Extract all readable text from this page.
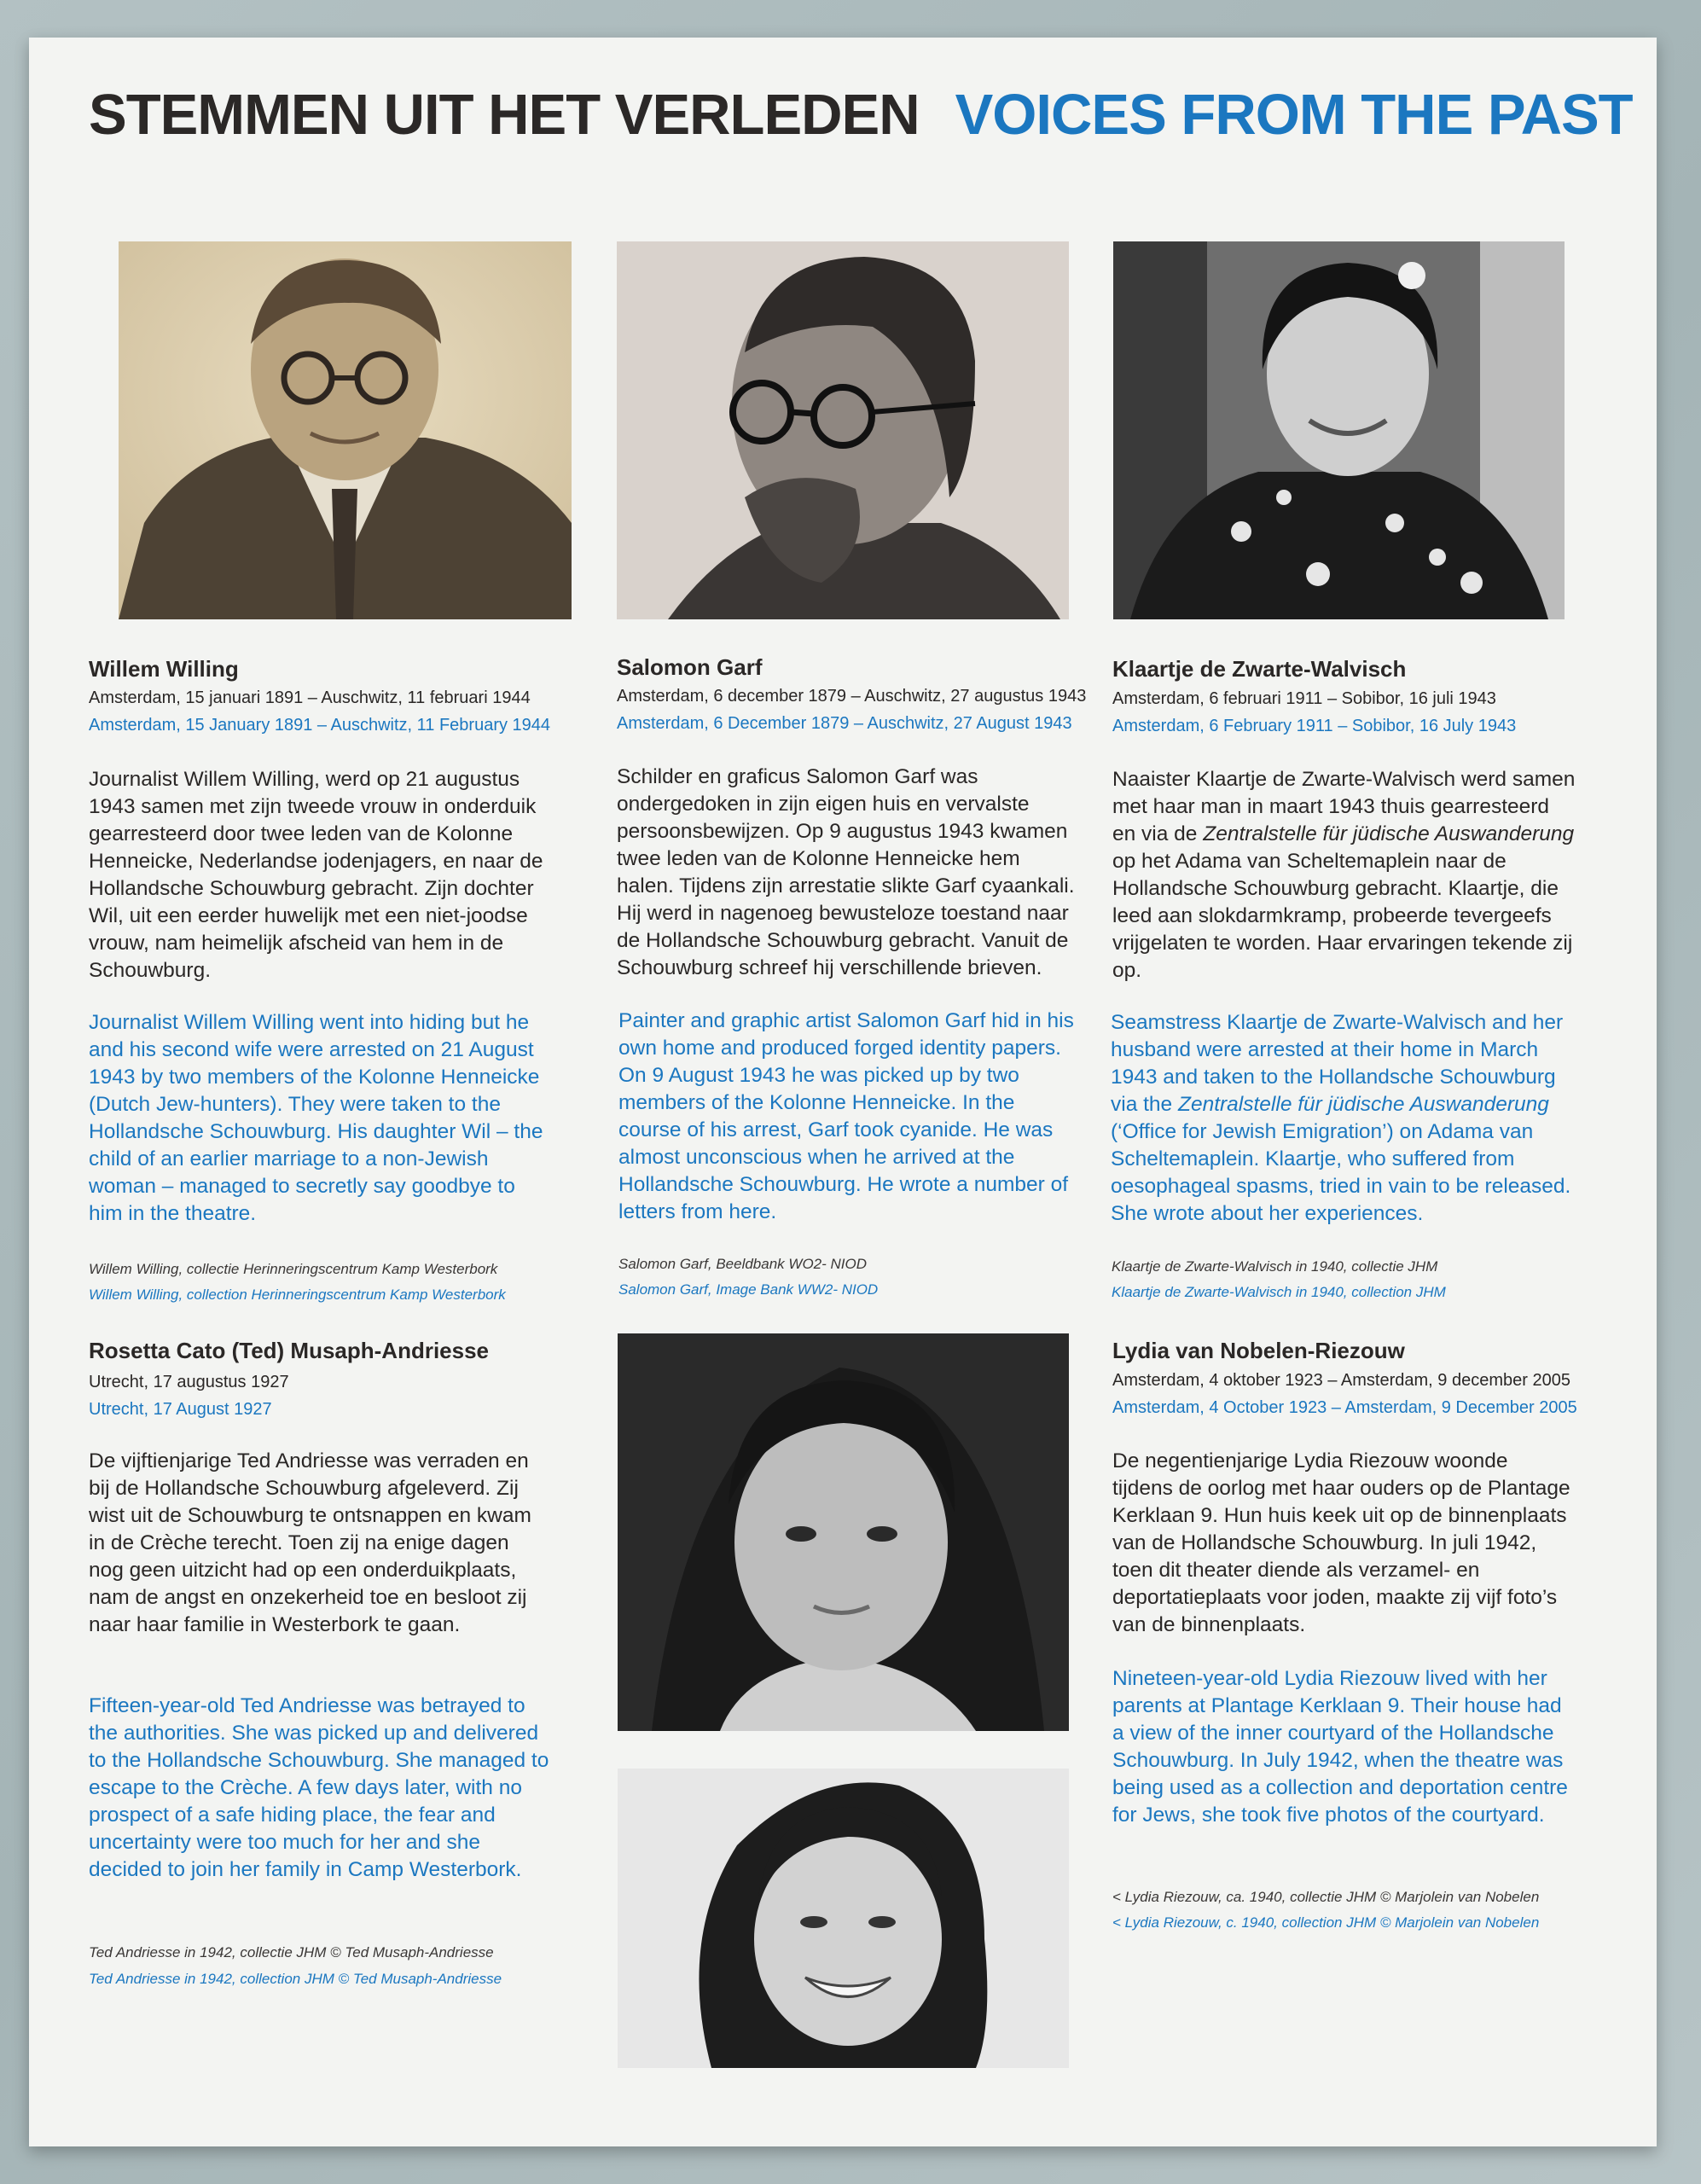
STEMMEN UIT HET VERLEDEN VOICES FROM THE PAST
Willem Willing
Amsterdam, 15 januari 1891 – Auschwitz, 11 februari 1944
Amsterdam, 15 January 1891 – Auschwitz, 11 February 1944
Journalist Willem Willing, werd op 21 augustus 1943 samen met zijn tweede vrouw in onderduik gearresteerd door twee leden van de Kolonne Henneicke, Nederlandse jodenjagers, en naar de Hollandsche Schouwburg gebracht. Zijn dochter Wil, uit een eerder huwelijk met een niet-joodse vrouw, nam heimelijk afscheid van hem in de Schouwburg.
Journalist Willem Willing went into hiding but he and his second wife were arrested on 21 August 1943 by two members of the Kolonne Henneicke (Dutch Jew-hunters). They were taken to the Hollandsche Schouwburg. His daughter Wil – the child of an earlier marriage to a non-Jewish woman – managed to secretly say goodbye to him in the theatre.
Willem Willing, collectie Herinneringscentrum Kamp Westerbork
Willem Willing, collection Herinneringscentrum Kamp Westerbork
Salomon Garf
Amsterdam, 6 december 1879 – Auschwitz, 27 augustus 1943
Amsterdam, 6 December 1879 – Auschwitz, 27 August 1943
Schilder en graficus Salomon Garf was ondergedoken in zijn eigen huis en vervalste persoonsbewijzen. Op 9 augustus 1943 kwamen twee leden van de Kolonne Henneicke hem halen. Tijdens zijn arrestatie slikte Garf cyaankali. Hij werd in nagenoeg bewusteloze toestand naar de Hollandsche Schouwburg gebracht. Vanuit de Schouwburg schreef hij verschillende brieven.
Painter and graphic artist Salomon Garf hid in his own home and produced forged identity papers. On 9 August 1943 he was picked up by two members of the Kolonne Henneicke. In the course of his arrest, Garf took cyanide. He was almost unconscious when he arrived at the Hollandsche Schouwburg. He wrote a number of letters from here.
Salomon Garf, Beeldbank WO2- NIOD
Salomon Garf, Image Bank WW2- NIOD
Klaartje de Zwarte-Walvisch
Amsterdam, 6 februari 1911 – Sobibor, 16 juli 1943
Amsterdam, 6 February 1911 – Sobibor, 16 July 1943
Naaister Klaartje de Zwarte-Walvisch werd samen met haar man in maart 1943 thuis gearresteerd en via de Zentralstelle für jüdische Auswanderung op het Adama van Scheltemaplein naar de Hollandsche Schouwburg gebracht. Klaartje, die leed aan slokdarmkramp, probeerde tevergeefs vrijgelaten te worden. Haar ervaringen tekende zij op.
Seamstress Klaartje de Zwarte-Walvisch and her husband were arrested at their home in March 1943 and taken to the Hollandsche Schouwburg via the Zentralstelle für jüdische Auswanderung (‘Office for Jewish Emigration’) on Adama van Scheltemaplein. Klaartje, who suffered from oesophageal spasms, tried in vain to be released. She wrote about her experiences.
Klaartje de Zwarte-Walvisch in 1940, collectie JHM
Klaartje de Zwarte-Walvisch in 1940, collection JHM
Rosetta Cato (Ted) Musaph-Andriesse
Utrecht, 17 augustus 1927
Utrecht, 17 August 1927
De vijftienjarige Ted Andriesse was verraden en bij de Hollandsche Schouwburg afgeleverd. Zij wist uit de Schouwburg te ontsnappen en kwam in de Crèche terecht. Toen zij na enige dagen nog geen uitzicht had op een onderduikplaats, nam de angst en onzekerheid toe en besloot zij naar haar familie in Westerbork te gaan.
Fifteen-year-old Ted Andriesse was betrayed to the authorities. She was picked up and delivered to the Hollandsche Schouwburg. She managed to escape to the Crèche. A few days later, with no prospect of a safe hiding place, the fear and uncertainty were too much for her and she decided to join her family in Camp Westerbork.
Ted Andriesse in 1942, collectie JHM © Ted Musaph-Andriesse
Ted Andriesse in 1942, collection JHM © Ted Musaph-Andriesse
Lydia van Nobelen-Riezouw
Amsterdam, 4 oktober 1923 – Amsterdam, 9 december 2005
Amsterdam, 4 October 1923 – Amsterdam, 9 December 2005
De negentienjarige Lydia Riezouw woonde tijdens de oorlog met haar ouders op de Plantage Kerklaan 9. Hun huis keek uit op de binnenplaats van de Hollandsche Schouwburg. In juli 1942, toen dit theater diende als verzamel- en deportatieplaats voor joden, maakte zij vijf foto’s van de binnenplaats.
Nineteen-year-old Lydia Riezouw lived with her parents at Plantage Kerklaan 9. Their house had a view of the inner courtyard of the Hollandsche Schouwburg. In July 1942, when the theatre was being used as a collection and deportation centre for Jews, she took five photos of the courtyard.
< Lydia Riezouw, ca. 1940, collectie JHM © Marjolein van Nobelen
< Lydia Riezouw, c. 1940, collection JHM © Marjolein van Nobelen
